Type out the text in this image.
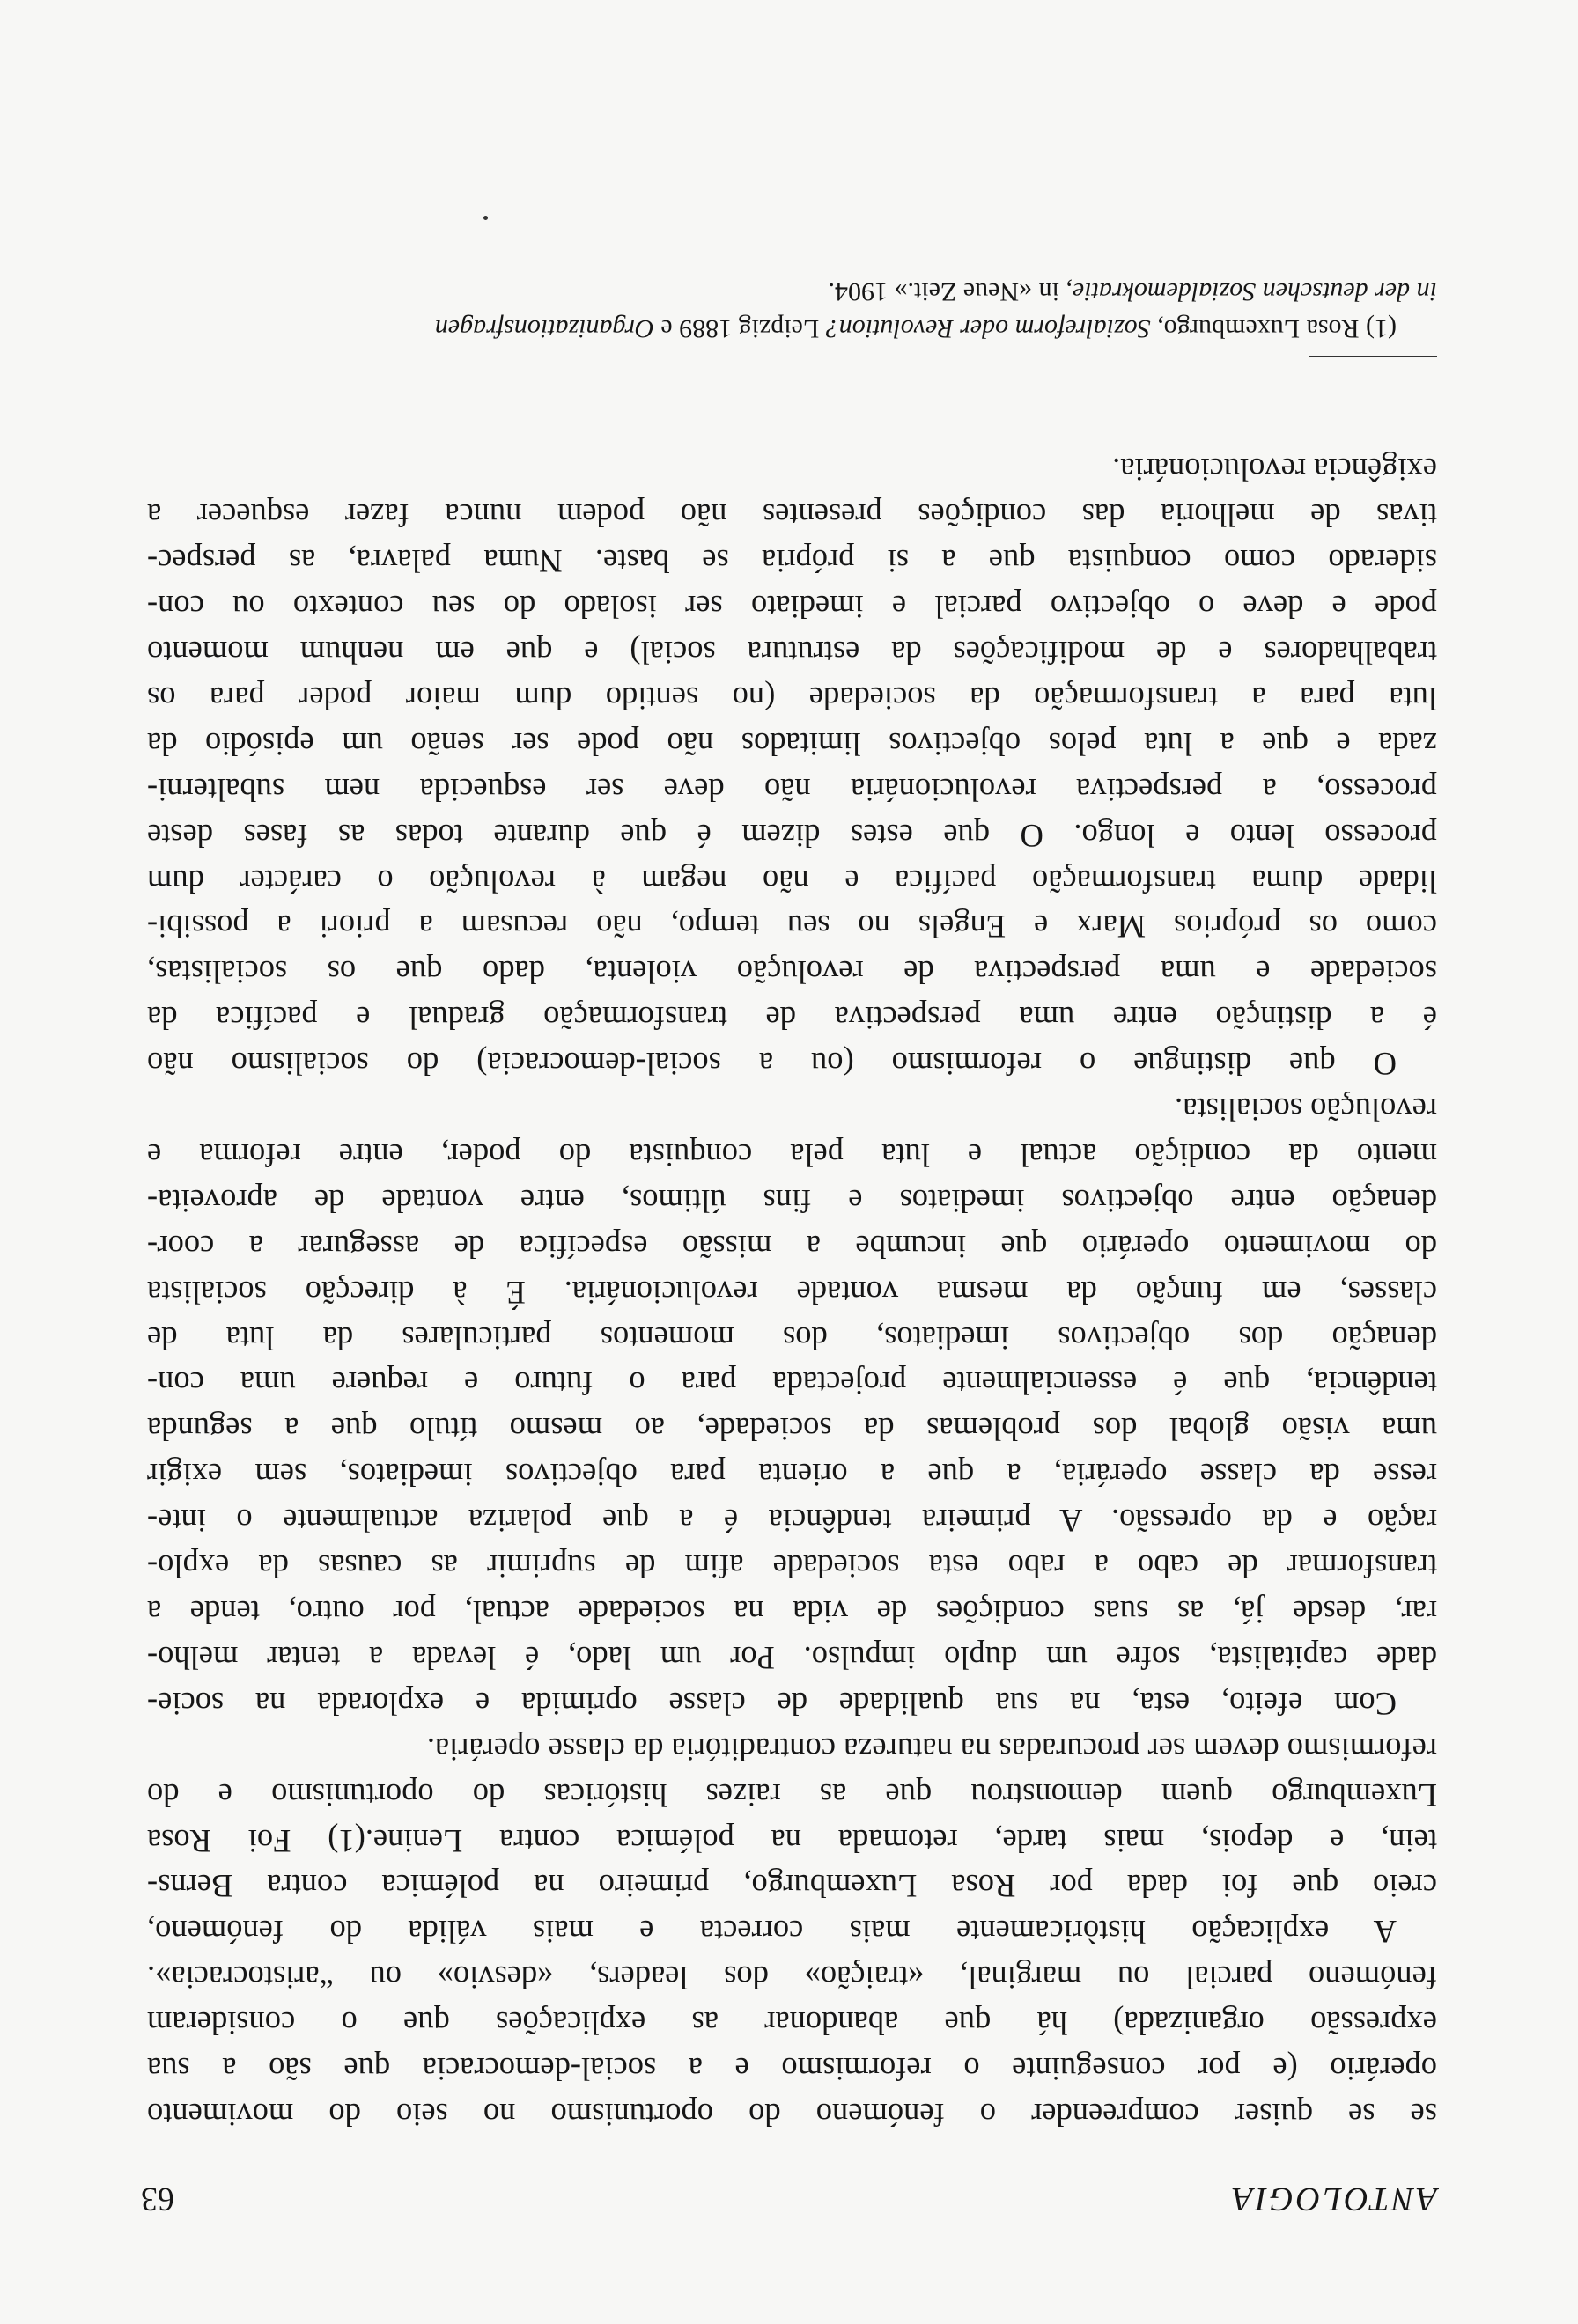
ANTOLOGIA
63
se se quiser compreender o fenómeno do oportunismo no seio do movimento
operário (e por conseguinte o reformismo e a social-democracia que são a sua
expressão organizada) há que abandonar as explicações que o consideram
fenómeno parcial ou marginal, «traição» dos leaders, «desvio» ou “aristocracia».
A explicação històricamente mais correcta e mais válida do fenómeno,
creio que foi dada por Rosa Luxemburgo, primeiro na polémica contra Berns-
tein, e depois, mais tarde, retomada na polémica contra Lenine.(1) Foi Rosa
Luxemburgo quem demonstrou que as raizes históricas do oportunismo e do
reformismo devem ser procuradas na natureza contraditória da classe operária.
Com efeito, esta, na sua qualidade de classe oprimida e explorada na socie-
dade capitalista, sofre um duplo impulso. Por um lado, é levada a tentar melho-
rar, desde já, as suas condições de vida na sociedade actual, por outro, tende a
transformar de cabo a rabo esta sociedade afim de suprimir as causas da explo-
ração e da opressão. A primeira tendência é a que polariza actualmente o inte-
resse da classe operária, a que a orienta para objectivos imediatos, sem exigir
uma visão global dos problemas da sociedade, ao mesmo título que a segunda
tendência, que é essencialmente projectada para o futuro e requere uma con-
denação dos objectivos imediatos, dos momentos particulares da luta de
classes, em função da mesma vontade revolucionária. É à direcção socialista
do movimento operário que incumbe a missão específica de assegurar a coor-
denação entre objectivos imediatos e fins últimos, entre vontade de aproveita-
mento da condição actual e luta pela conquista do poder, entre reforma e
revolução socialista.
O que distingue o reformismo (ou a social-democracia) do socialismo não
é a distinção entre uma perspectiva de transformação gradual e pacífica da
sociedade e uma perspectiva de revolução violenta, dado que os socialistas,
como os próprios Marx e Engels no seu tempo, não recusam a priori a possibi-
lidade duma transformação pacífica e não negam à revolução o carácter dum
processo lento e longo. O que estes dizem é que durante todas as fases deste
processo, a perspectiva revolucionária não deve ser esquecida nem subalterni-
zada e que a luta pelos objectivos limitados não pode ser senão um episódio da
luta para a transformação da sociedade (no sentido dum maior poder para os
trabalhadores e de modificações da estrutura social) e que em nenhum momento
pode e deve o objectivo parcial e imediato ser isolado do seu contexto ou con-
siderado como conquista que a si própria se baste. Numa palavra, as perspec-
tivas de melhoria das condições presentes não podem nunca fazer esquecer a
exigência revolucionária.
(1) Rosa Luxemburgo, Sozialreform oder Revolution? Leipzig 1889 e Organizationsfragen
in der deutschen Sozialdemokratie, in «Neue Zeit.» 1904.
